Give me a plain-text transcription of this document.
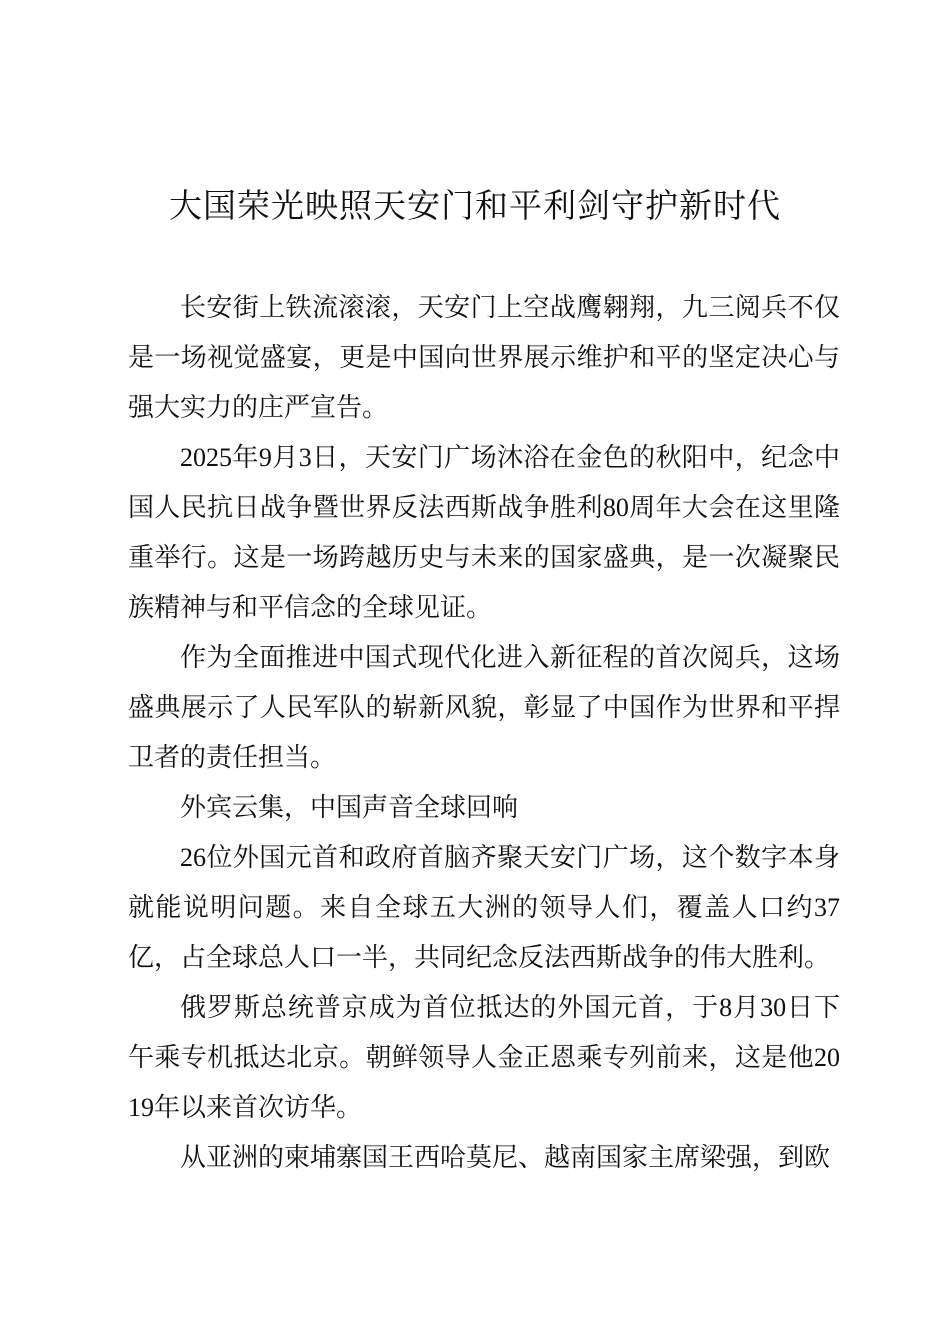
大国荣光映照天安门和平利剑守护新时代

长安街上铁流滚滚，天安门上空战鹰翱翔，九三阅兵不仅是一场视觉盛宴，更是中国向世界展示维护和平的坚定决心与强大实力的庄严宣告。

2025年9月3日，天安门广场沐浴在金色的秋阳中，纪念中国人民抗日战争暨世界反法西斯战争胜利80周年大会在这里隆重举行。这是一场跨越历史与未来的国家盛典，是一次凝聚民族精神与和平信念的全球见证。

作为全面推进中国式现代化进入新征程的首次阅兵，这场盛典展示了人民军队的崭新风貌，彰显了中国作为世界和平捍卫者的责任担当。

外宾云集，中国声音全球回响

26位外国元首和政府首脑齐聚天安门广场，这个数字本身就能说明问题。来自全球五大洲的领导人们，覆盖人口约37亿，占全球总人口一半，共同纪念反法西斯战争的伟大胜利。

俄罗斯总统普京成为首位抵达的外国元首，于8月30日下午乘专机抵达北京。朝鲜领导人金正恩乘专列前来，这是他2019年以来首次访华。

从亚洲的柬埔寨国王西哈莫尼、越南国家主席梁强，到欧
